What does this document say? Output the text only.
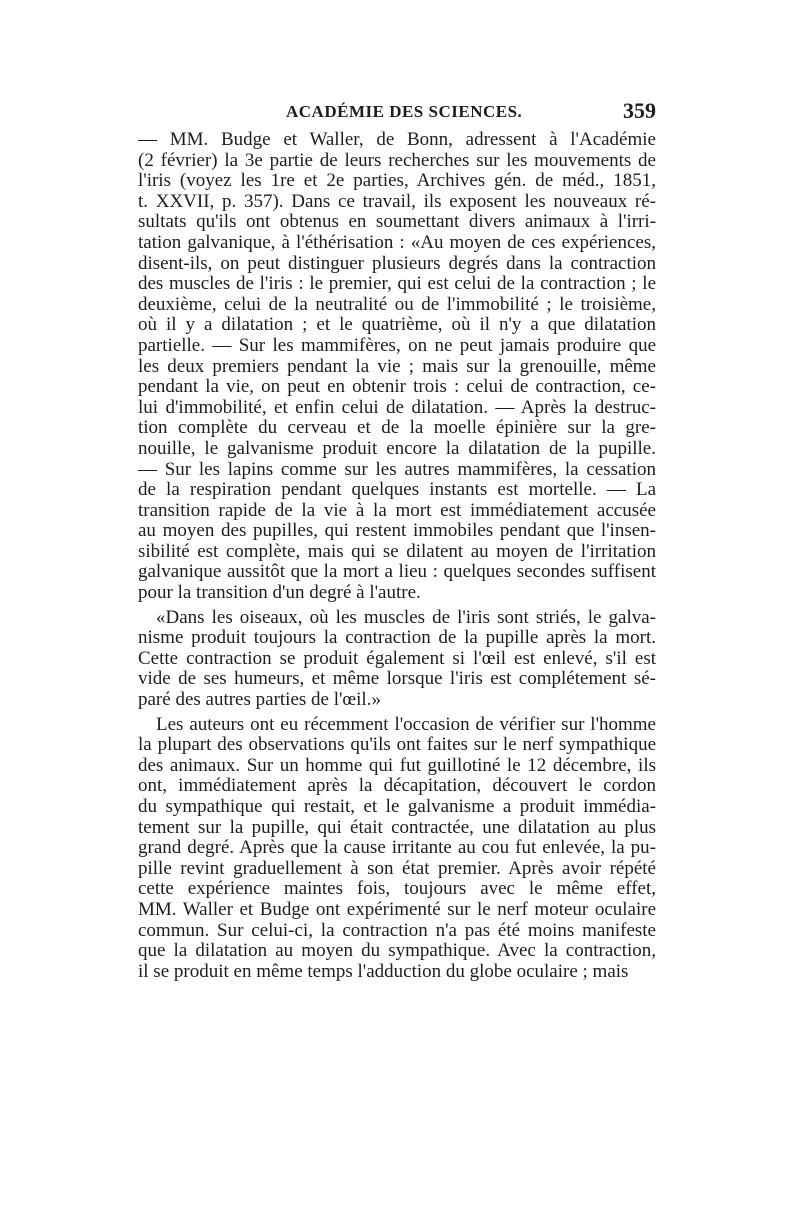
ACADÉMIE DES SCIENCES.	359
— MM. Budge et Waller, de Bonn, adressent à l'Académie
(2 février) la 3e partie de leurs recherches sur les mouvements de
l'iris (voyez les 1re et 2e parties, Archives gén. de méd., 1851,
t. XXVII, p. 357). Dans ce travail, ils exposent les nouveaux ré-
sultats qu'ils ont obtenus en soumettant divers animaux à l'irri-
tation galvanique, à l'éthérisation : «Au moyen de ces expériences,
disent-ils, on peut distinguer plusieurs degrés dans la contraction
des muscles de l'iris : le premier, qui est celui de la contraction ; le
deuxième, celui de la neutralité ou de l'immobilité ; le troisième,
où il y a dilatation ; et le quatrième, où il n'y a que dilatation
partielle. — Sur les mammifères, on ne peut jamais produire que
les deux premiers pendant la vie ; mais sur la grenouille, même
pendant la vie, on peut en obtenir trois : celui de contraction, ce-
lui d'immobilité, et enfin celui de dilatation. — Après la destruc-
tion complète du cerveau et de la moelle épinière sur la gre-
nouille, le galvanisme produit encore la dilatation de la pupille.
— Sur les lapins comme sur les autres mammifères, la cessation
de la respiration pendant quelques instants est mortelle. — La
transition rapide de la vie à la mort est immédiatement accusée
au moyen des pupilles, qui restent immobiles pendant que l'insen-
sibilité est complète, mais qui se dilatent au moyen de l'irritation
galvanique aussitôt que la mort a lieu : quelques secondes suffisent
pour la transition d'un degré à l'autre.
«Dans les oiseaux, où les muscles de l'iris sont striés, le galva-
nisme produit toujours la contraction de la pupille après la mort.
Cette contraction se produit également si l'œil est enlevé, s'il est
vide de ses humeurs, et même lorsque l'iris est complétement sé-
paré des autres parties de l'œil.»
Les auteurs ont eu récemment l'occasion de vérifier sur l'homme
la plupart des observations qu'ils ont faites sur le nerf sympathique
des animaux. Sur un homme qui fut guillotiné le 12 décembre, ils
ont, immédiatement après la décapitation, découvert le cordon
du sympathique qui restait, et le galvanisme a produit immédia-
tement sur la pupille, qui était contractée, une dilatation au plus
grand degré. Après que la cause irritante au cou fut enlevée, la pu-
pille revint graduellement à son état premier. Après avoir répété
cette expérience maintes fois, toujours avec le même effet,
MM. Waller et Budge ont expérimenté sur le nerf moteur oculaire
commun. Sur celui-ci, la contraction n'a pas été moins manifeste
que la dilatation au moyen du sympathique. Avec la contraction,
il se produit en même temps l'adduction du globe oculaire ; mais
